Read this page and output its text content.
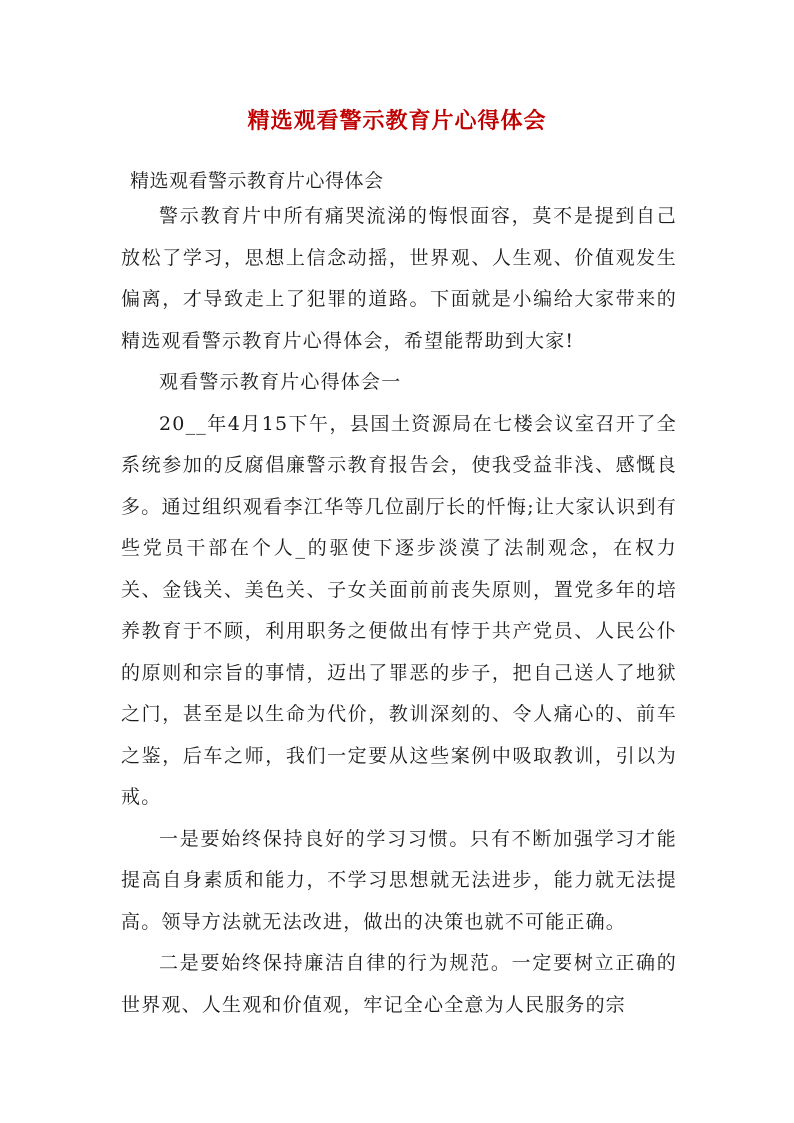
精选观看警示教育片心得体会
精选观看警示教育片心得体会

警示教育片中所有痛哭流涕的悔恨面容，莫不是提到自己放松了学习，思想上信念动摇，世界观、人生观、价值观发生偏离，才导致走上了犯罪的道路。下面就是小编给大家带来的精选观看警示教育片心得体会，希望能帮助到大家!

观看警示教育片心得体会一

20__年4月15下午，县国土资源局在七楼会议室召开了全系统参加的反腐倡廉警示教育报告会，使我受益非浅、感慨良多。通过组织观看李江华等几位副厅长的忏悔;让大家认识到有些党员干部在个人_的驱使下逐步淡漠了法制观念，在权力关、金钱关、美色关、子女关面前前丧失原则，置党多年的培养教育于不顾，利用职务之便做出有悖于共产党员、人民公仆的原则和宗旨的事情，迈出了罪恶的步子，把自己送人了地狱之门，甚至是以生命为代价，教训深刻的、令人痛心的、前车之鉴，后车之师，我们一定要从这些案例中吸取教训，引以为戒。

一是要始终保持良好的学习习惯。只有不断加强学习才能提高自身素质和能力，不学习思想就无法进步，能力就无法提高。领导方法就无法改进，做出的决策也就不可能正确。

二是要始终保持廉洁自律的行为规范。一定要树立正确的世界观、人生观和价值观，牢记全心全意为人民服务的宗
